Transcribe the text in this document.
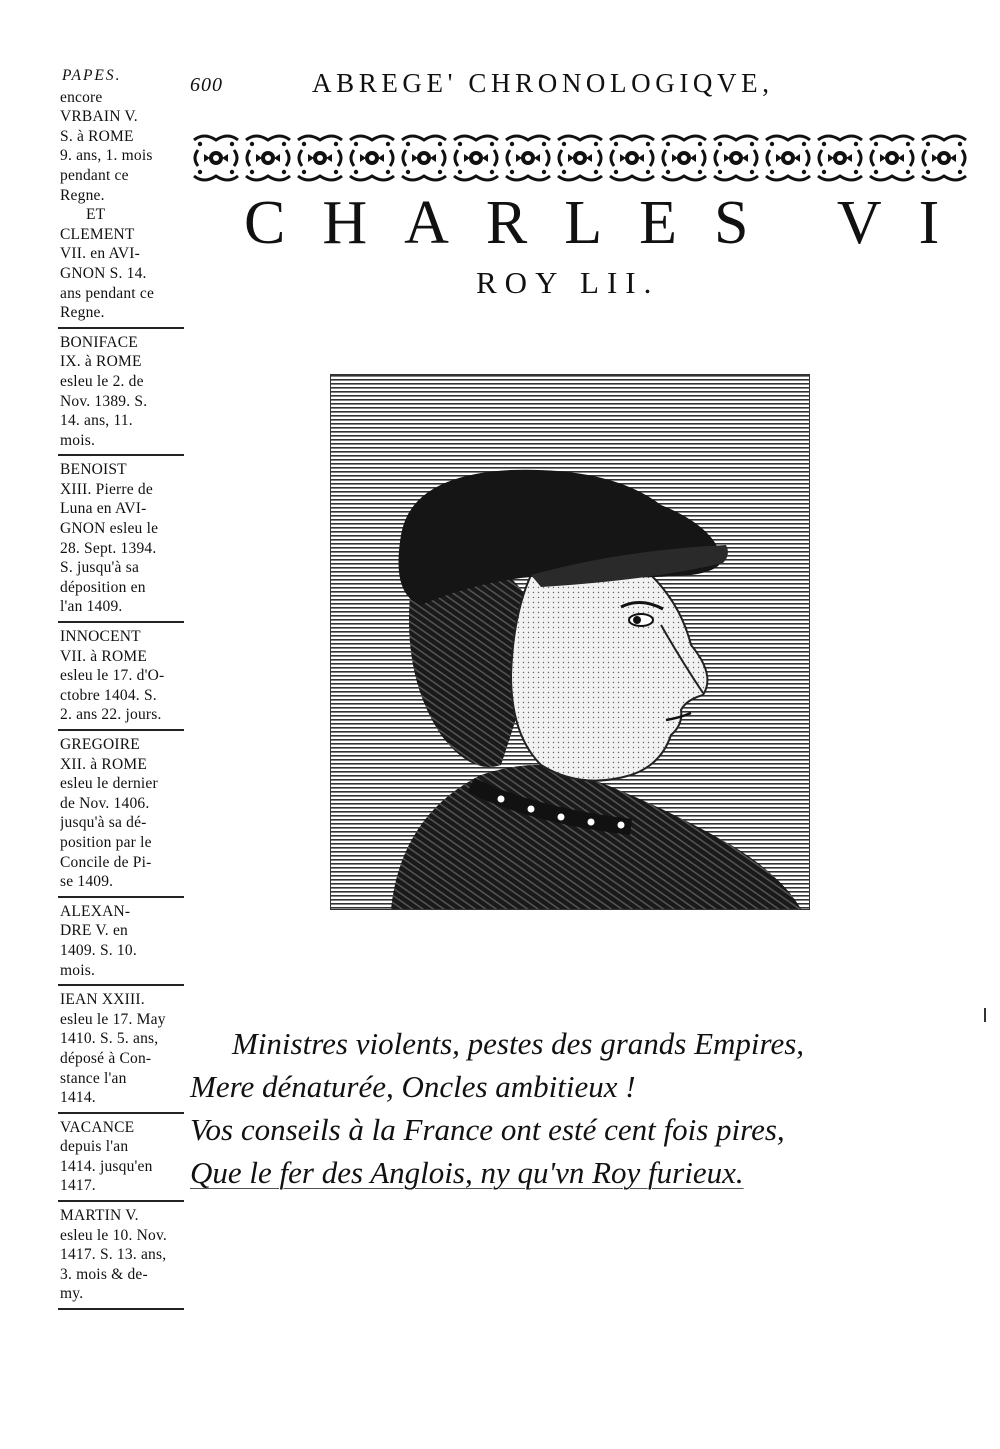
600	ABREGE' CHRONOLOGIQVE,
PAPES.
encore
VRBAIN V.
S. à ROME
9. ans, 1. mois
pendant ce
Regne.
ET
CLEMENT
VII. en AVI-
GNON S. 14.
ans pendant ce
Regne.
BONIFACE
IX. à ROME
esleu le 2. de
Nov. 1389. S.
14. ans, 11.
mois.
BENOIST
XIII. Pierre de
Luna en AVI-
GNON esleu le
28. Sept. 1394.
S. jusqu'à sa
déposition en
l'an 1409.
INNOCENT
VII. à ROME
esleu le 17. d'O-
ctobre 1404. S.
2. ans 22. jours.
GREGOIRE
XII. à ROME
esleu le dernier
de Nov. 1406.
jusqu'à sa dé-
position par le
Concile de Pi-
se 1409.
ALEXAN-
DRE V. en
1409. S. 10.
mois.
IEAN XXIII.
esleu le 17. May
1410. S. 5. ans,
déposé à Con-
stance l'an
1414.
VACANCE
depuis l'an
1414. jusqu'en
1417.
MARTIN V.
esleu le 10. Nov.
1417. S. 13. ans,
3. mois & de-
my.
CHARLES VI
ROY LII.
Ministres violents, pestes des grands Empires,
Mere dénaturée, Oncles ambitieux !
Vos conseils à la France ont esté cent fois pires,
Que le fer des Anglois, ny qu'vn Roy furieux.
